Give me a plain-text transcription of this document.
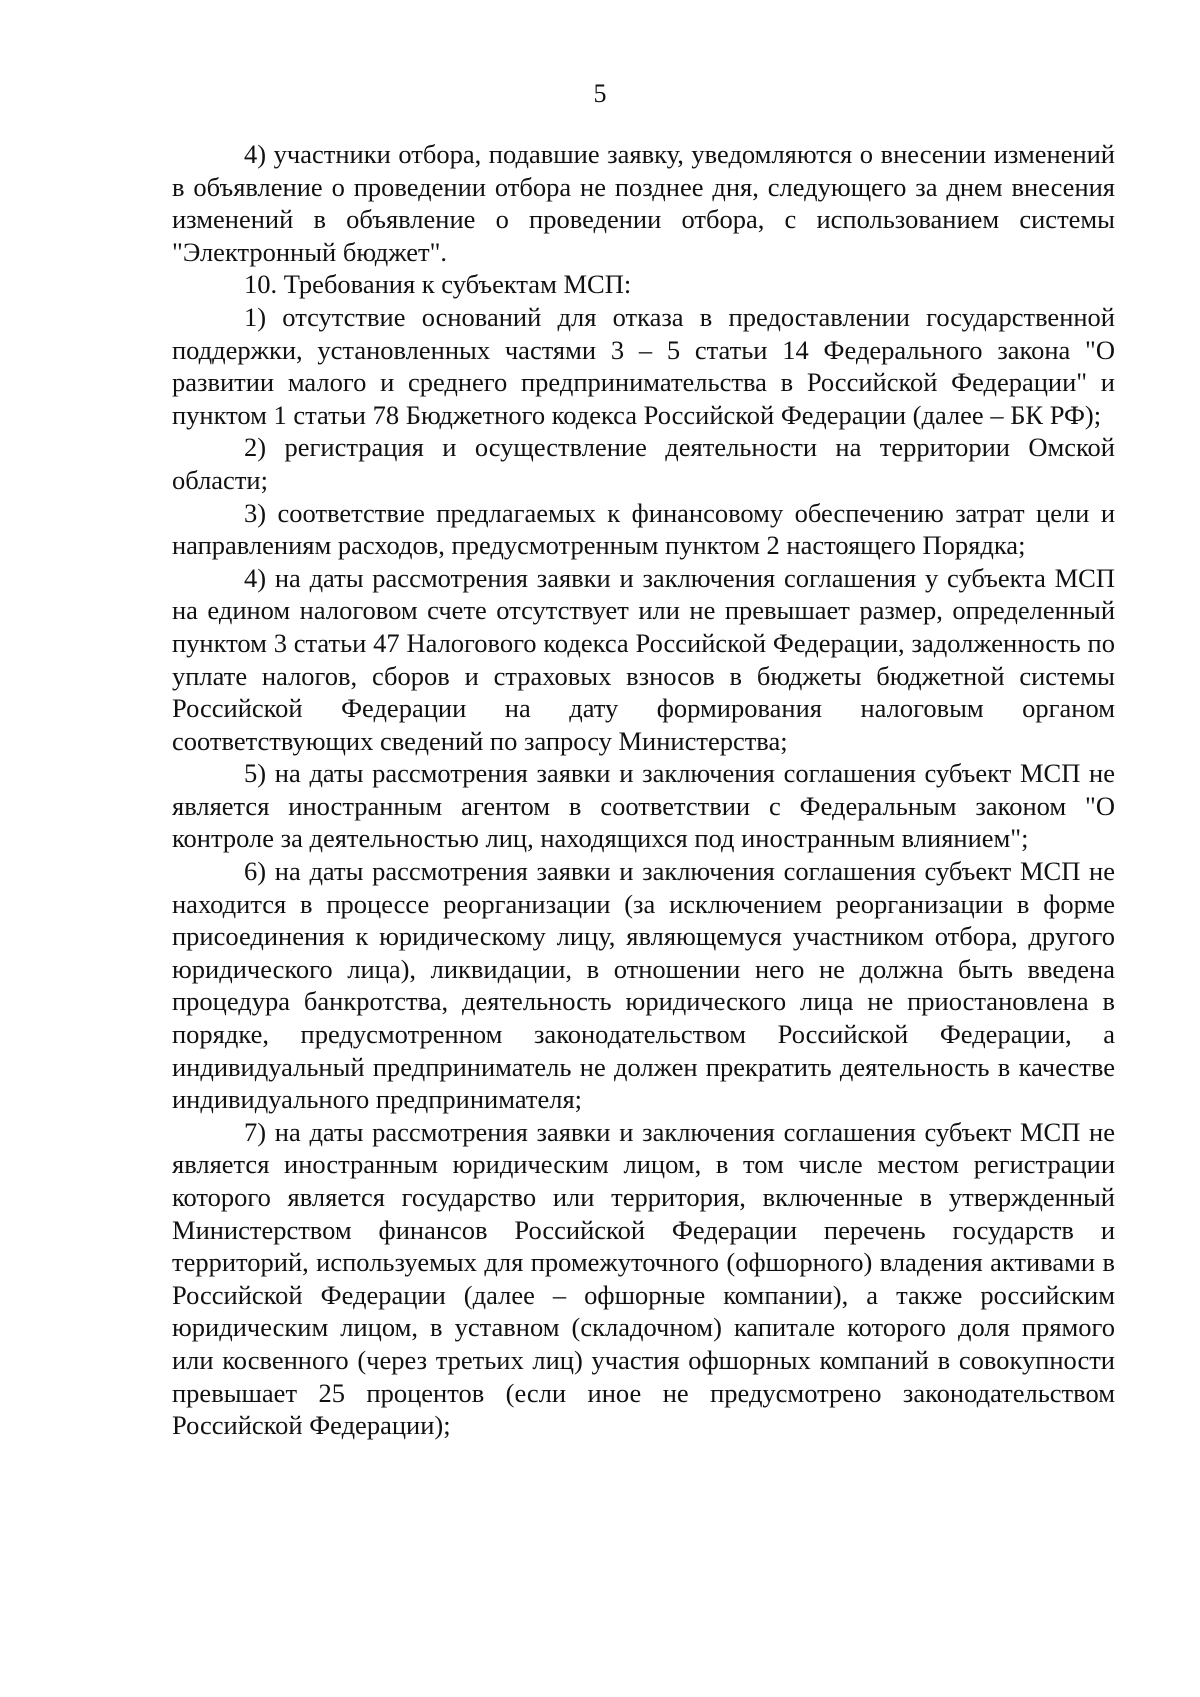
5

4) участники отбора, подавшие заявку, уведомляются о внесении изменений в объявление о проведении отбора не позднее дня, следующего за днем внесения изменений в объявление о проведении отбора, с использованием системы "Электронный бюджет".

10. Требования к субъектам МСП:

1) отсутствие оснований для отказа в предоставлении государственной поддержки, установленных частями 3 – 5 статьи 14 Федерального закона "О развитии малого и среднего предпринимательства в Российской Федерации" и пунктом 1 статьи 78 Бюджетного кодекса Российской Федерации (далее – БК РФ);

2) регистрация и осуществление деятельности на территории Омской области;

3) соответствие предлагаемых к финансовому обеспечению затрат цели и направлениям расходов, предусмотренным пунктом 2 настоящего Порядка;

4) на даты рассмотрения заявки и заключения соглашения у субъекта МСП на едином налоговом счете отсутствует или не превышает размер, определенный пунктом 3 статьи 47 Налогового кодекса Российской Федерации, задолженность по уплате налогов, сборов и страховых взносов в бюджеты бюджетной системы Российской Федерации на дату формирования налоговым органом соответствующих сведений по запросу Министерства;

5) на даты рассмотрения заявки и заключения соглашения субъект МСП не является иностранным агентом в соответствии с Федеральным законом "О контроле за деятельностью лиц, находящихся под иностранным влиянием";

6) на даты рассмотрения заявки и заключения соглашения субъект МСП не находится в процессе реорганизации (за исключением реорганизации в форме присоединения к юридическому лицу, являющемуся участником отбора, другого юридического лица), ликвидации, в отношении него не должна быть введена процедура банкротства, деятельность юридического лица не приостановлена в порядке, предусмотренном законодательством Российской Федерации, а индивидуальный предприниматель не должен прекратить деятельность в качестве индивидуального предпринимателя;

7) на даты рассмотрения заявки и заключения соглашения субъект МСП не является иностранным юридическим лицом, в том числе местом регистрации которого является государство или территория, включенные в утвержденный Министерством финансов Российской Федерации перечень государств и территорий, используемых для промежуточного (офшорного) владения активами в Российской Федерации (далее – офшорные компании), а также российским юридическим лицом, в уставном (складочном) капитале которого доля прямого или косвенного (через третьих лиц) участия офшорных компаний в совокупности превышает 25 процентов (если иное не предусмотрено законодательством Российской Федерации);
